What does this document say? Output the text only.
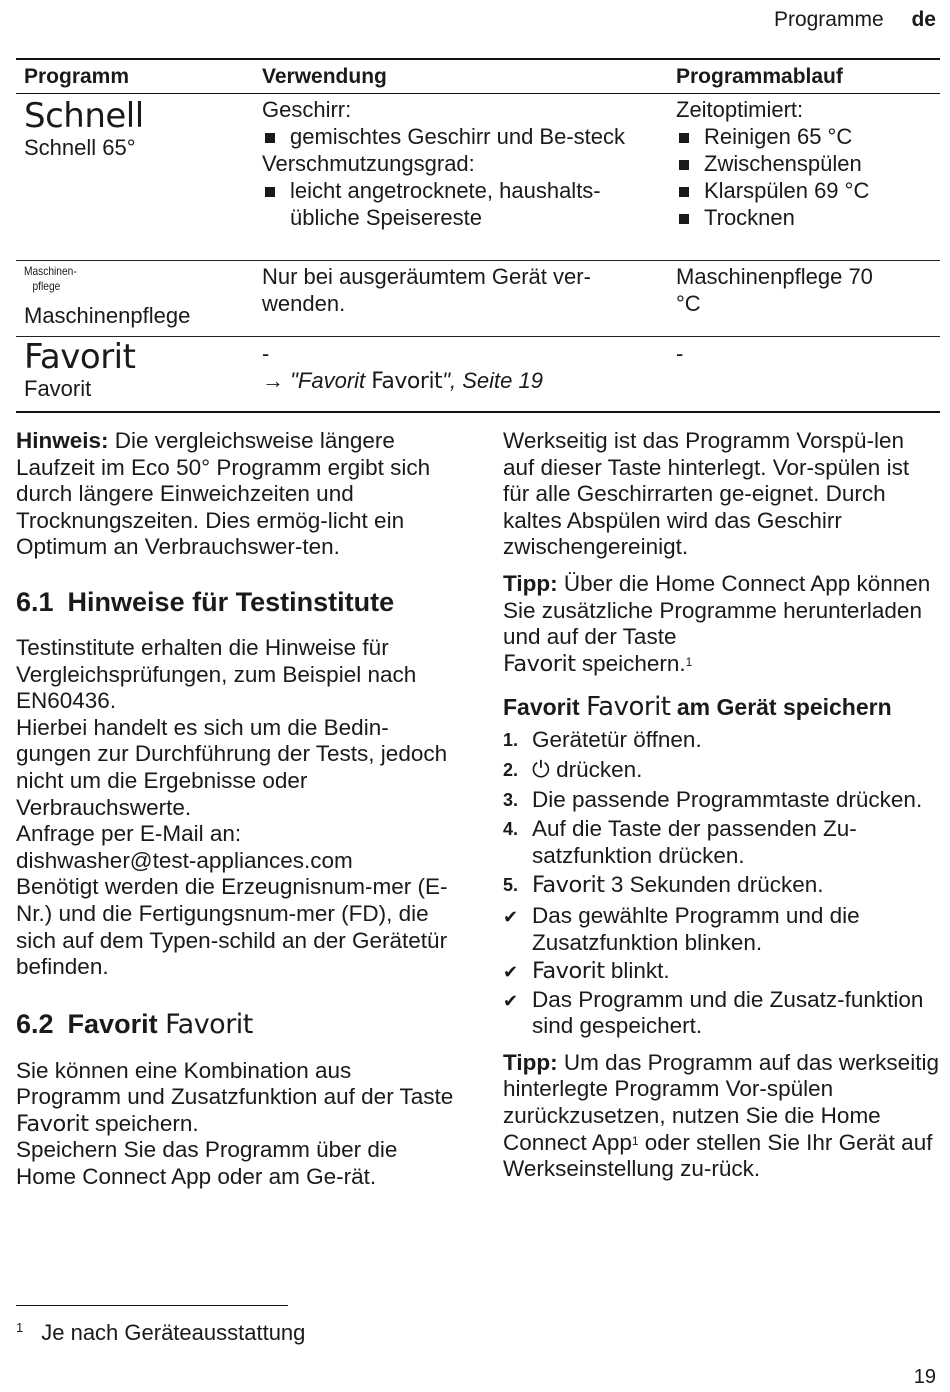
Programme de
Programm	Verwendung	Programmablauf
Schnell
Schnell 65°
Geschirr:
gemischtes Geschirr und Be-steck
Verschmutzungsgrad:
leicht angetrocknete, haushalts-übliche Speisereste
Zeitoptimiert:
Reinigen 65 °C
Zwischenspülen
Klarspülen 69 °C
Trocknen
Maschinen-
pflege
Maschinenpflege
Nur bei ausgeräumtem Gerät ver-wenden.
Maschinenpflege 70 °C
Favorit
Favorit
-
→ "Favorit Favorit", Seite 19
-

Hinweis: Die vergleichsweise längere Laufzeit im Eco 50° Programm ergibt sich durch längere Einweichzeiten und Trocknungszeiten. Dies ermög-licht ein Optimum an Verbrauchswer-ten.

6.1 Hinweise für Testinstitute

Testinstitute erhalten die Hinweise für Vergleichsprüfungen, zum Beispiel nach EN60436.

Hierbei handelt es sich um die Bedin-gungen zur Durchführung der Tests, jedoch nicht um die Ergebnisse oder Verbrauchswerte.

Anfrage per E-Mail an:

dishwasher@test-appliances.com

Benötigt werden die Erzeugnisnum-mer (E-Nr.) und die Fertigungsnum-mer (FD), die sich auf dem Typen-schild an der Gerätetür befinden.

6.2 Favorit Favorit

Sie können eine Kombination aus Programm und Zusatzfunktion auf der Taste Favorit speichern.

Speichern Sie das Programm über die Home Connect App oder am Ge-rät.

Werkseitig ist das Programm Vorspü-len auf dieser Taste hinterlegt. Vor-spülen ist für alle Geschirrarten ge-eignet. Durch kaltes Abspülen wird das Geschirr zwischengereinigt.

Tipp: Über die Home Connect App können Sie zusätzliche Programme herunterladen und auf der Taste
Favorit speichern.$^1$

Favorit Favorit am Gerät speichern
1. Gerätetür öffnen.
2. ⏻ drücken.
3. Die passende Programmtaste drücken.
4. Auf die Taste der passenden Zu-satzfunktion drücken.
5. Favorit 3 Sekunden drücken.
✔ Das gewählte Programm und die Zusatzfunktion blinken.
✔ Favorit blinkt.
✔ Das Programm und die Zusatz-funktion sind gespeichert.

Tipp: Um das Programm auf das werkseitig hinterlegte Programm Vor-spülen zurückzusetzen, nutzen Sie die Home Connect App$^1$ oder stellen Sie Ihr Gerät auf Werkseinstellung zu-rück.

$^1$ Je nach Geräteausstattung
19
